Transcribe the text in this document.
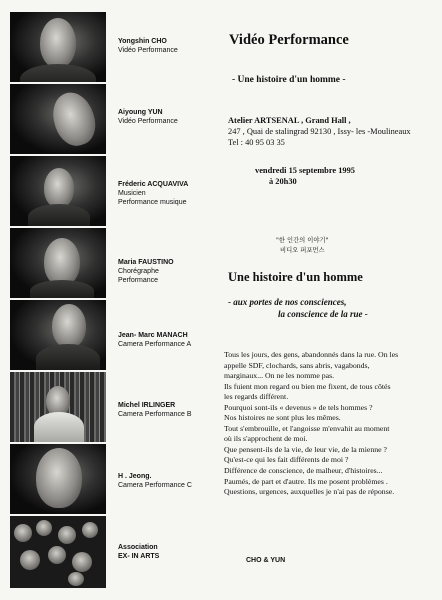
Yongshin CHO
Vidéo Performance
Aiyoung YUN
Vidéo Performance
Fréderic ACQUAVIVA
Musicien
Performance musique
Maria FAUSTINO
Chorégraphe
Performance
Jean- Marc MANACH
Camera Performance A
Michel IRLINGER
Camera Performance B
H . Jeong.
Camera Performance C
Association
EX- IN ARTS
Vidéo Performance
- Une histoire d'un homme -
Atelier ARTSENAL , Grand Hall ,
247 , Quai de stalingrad 92130 , Issy- les -Moulineaux
Tel : 40 95 03 35
vendredi 15 septembre 1995
à 20h30
"한 인간의 이야기"
비디오 퍼포먼스
Une histoire d'un homme
- aux portes de nos consciences,
la conscience de la rue -
Tous les jours, des gens, abandonnés dans la rue. On les
appelle SDF, clochards, sans abris, vagabonds,
marginaux... On ne les nomme pas.
Ils fuient mon regard ou bien me fixent, de tous côtés
les regards différent.
Pourquoi sont-ils « devenus » de tels hommes ?
Nos histoires ne sont plus les mêmes.
Tout s'embrouille, et l'angoisse m'envahit au moment
où ils s'approchent de moi.
Que pensent-ils de la vie, de leur vie, de la mienne ?
Qu'est-ce qui les fait différents de moi ?
Différence de conscience, de malheur, d'histoires...
Paumés, de part et d'autre. Ils me posent problèmes .
Questions, urgences, auxquelles je n'ai pas de réponse.
CHO & YUN
